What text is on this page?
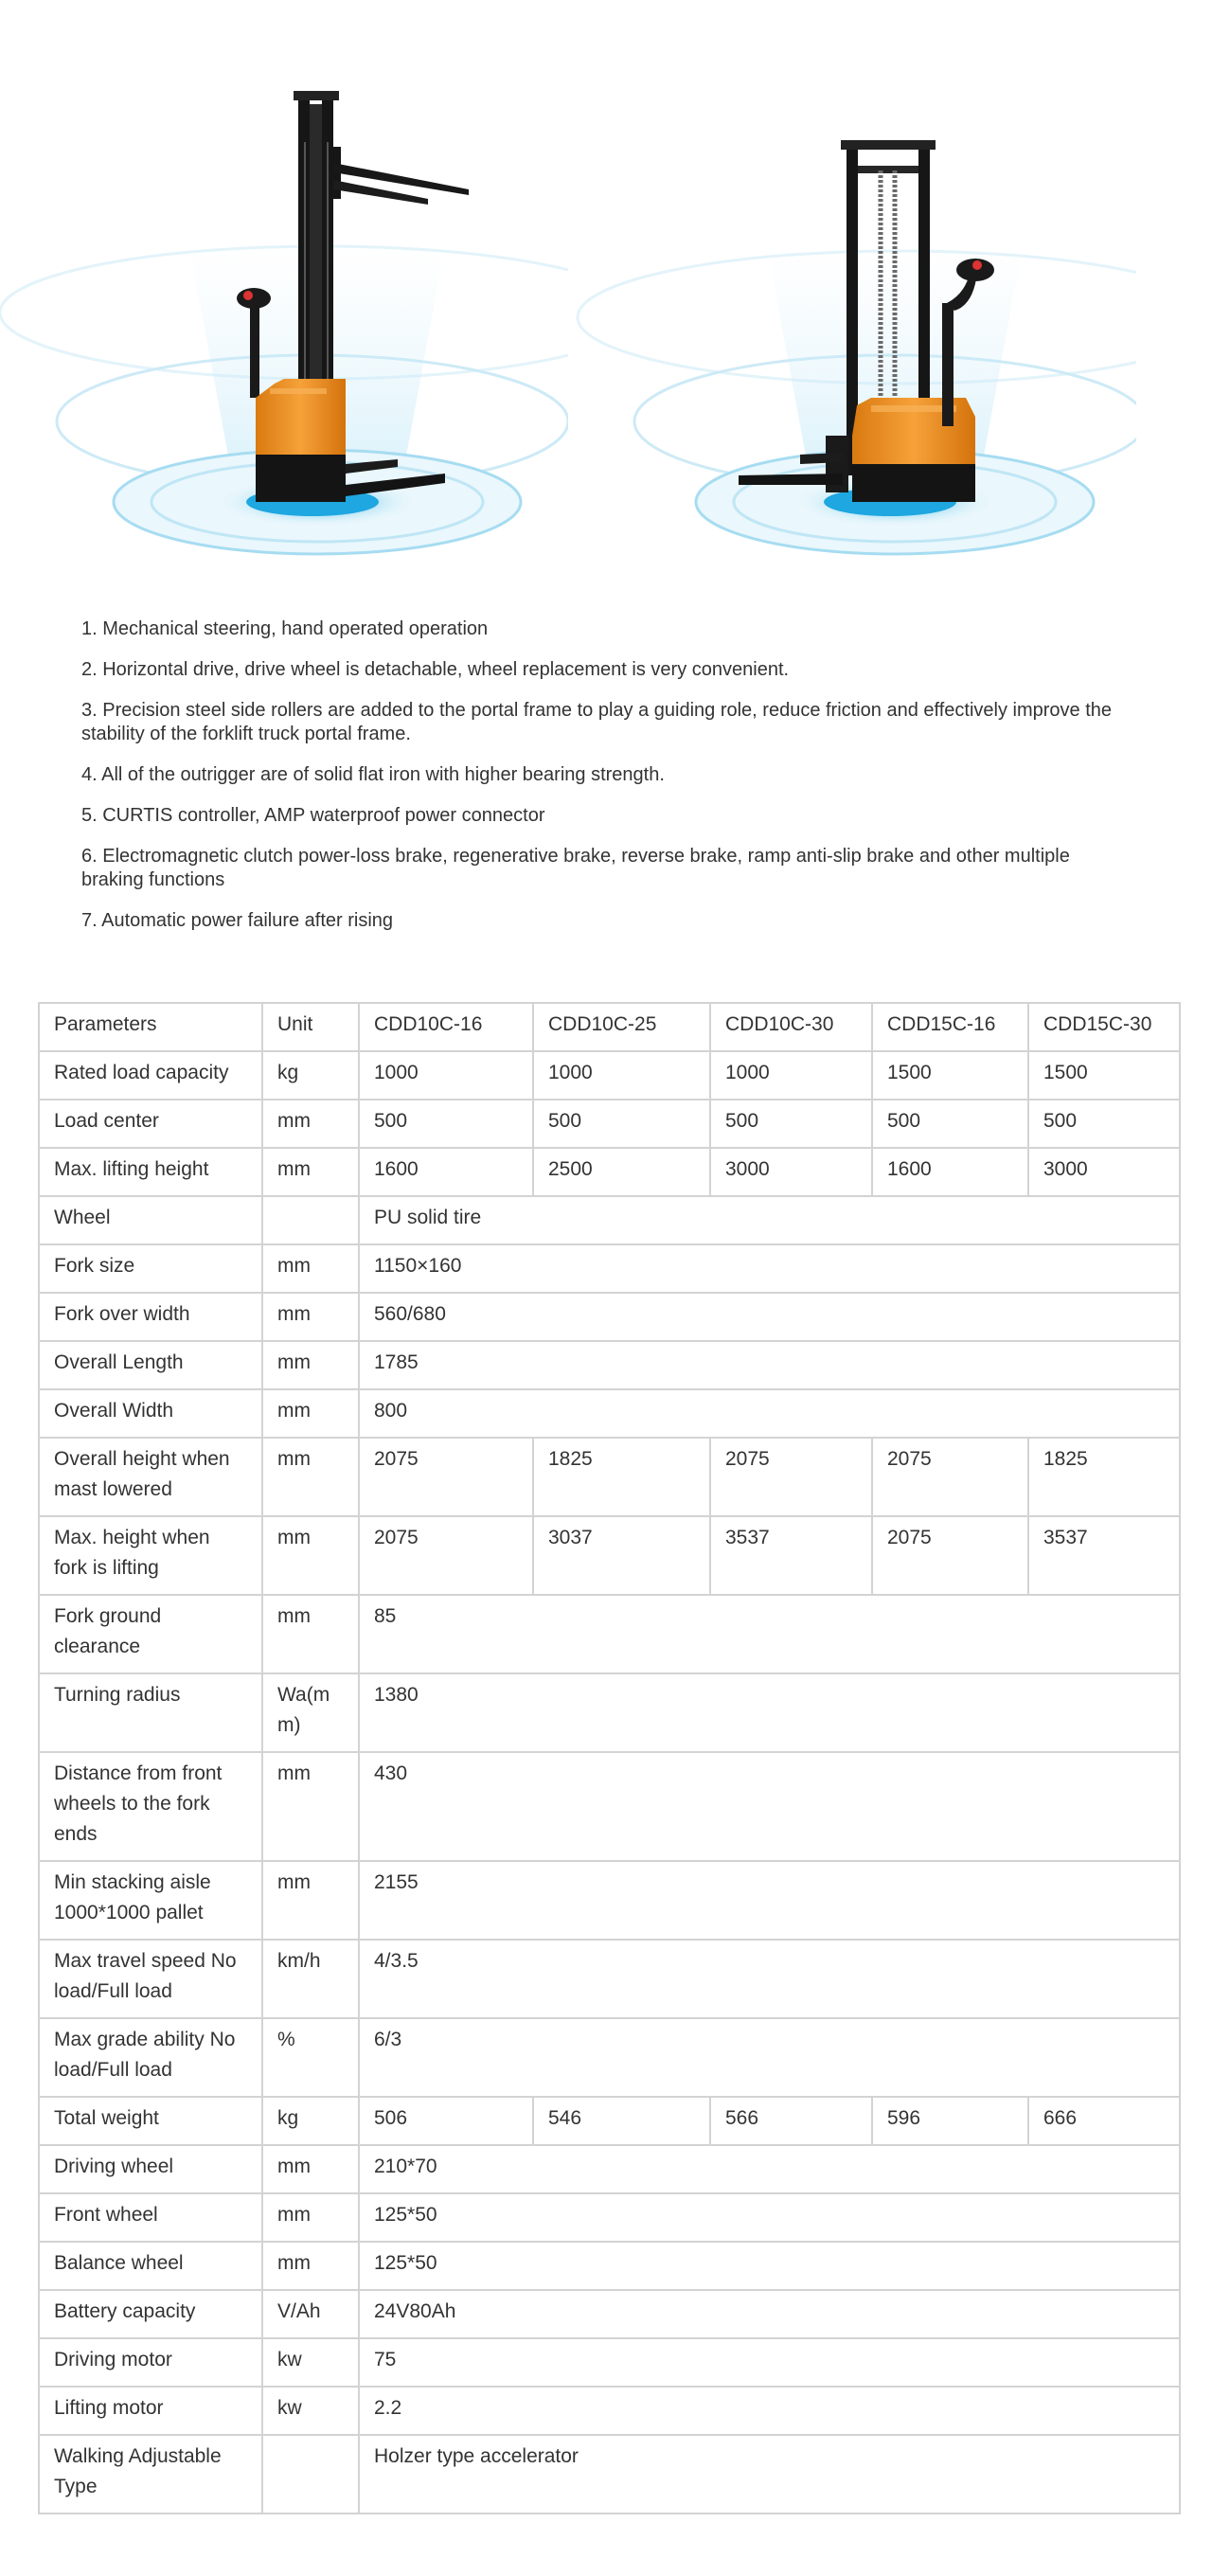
1. Mechanical steering, hand operated operation

2. Horizontal drive, drive wheel is detachable, wheel replacement is very convenient.

3. Precision steel side rollers are added to the portal frame to play a guiding role, reduce friction and effectively improve the stability of the forklift truck portal frame.

4. All of the outrigger are of solid flat iron with higher bearing strength.

5. CURTIS controller, AMP waterproof power connector

6. Electromagnetic clutch power-loss brake, regenerative brake, reverse brake, ramp anti-slip brake and other multiple braking functions

7. Automatic power failure after rising

Parameters	Unit	CDD10C-16	CDD10C-25	CDD10C-30	CDD15C-16	CDD15C-30
Rated load capacity	kg	1000	1000	1000	1500	1500
Load center	mm	500	500	500	500	500
Max. lifting height	mm	1600	2500	3000	1600	3000
Wheel		PU solid tire				
Fork size	mm	1150×160				
Fork over width	mm	560/680				
Overall Length	mm	1785				
Overall Width	mm	800				
Overall height when mast lowered	mm	2075	1825	2075	2075	1825
Max. height when fork is lifting	mm	2075	3037	3537	2075	3537
Fork ground clearance	mm	85				
Turning radius	Wa(mm)	1380				
Distance from front wheels to the fork ends	mm	430				
Min stacking aisle 1000*1000 pallet	mm	2155				
Max travel speed No load/Full load	km/h	4/3.5				
Max grade ability No load/Full load	%	6/3				
Total weight	kg	506	546	566	596	666
Driving wheel	mm	210*70				
Front wheel	mm	125*50				
Balance wheel	mm	125*50				
Battery capacity	V/Ah	24V80Ah				
Driving motor	kw	75				
Lifting motor	kw	2.2				
Walking Adjustable Type		Holzer type accelerator				
